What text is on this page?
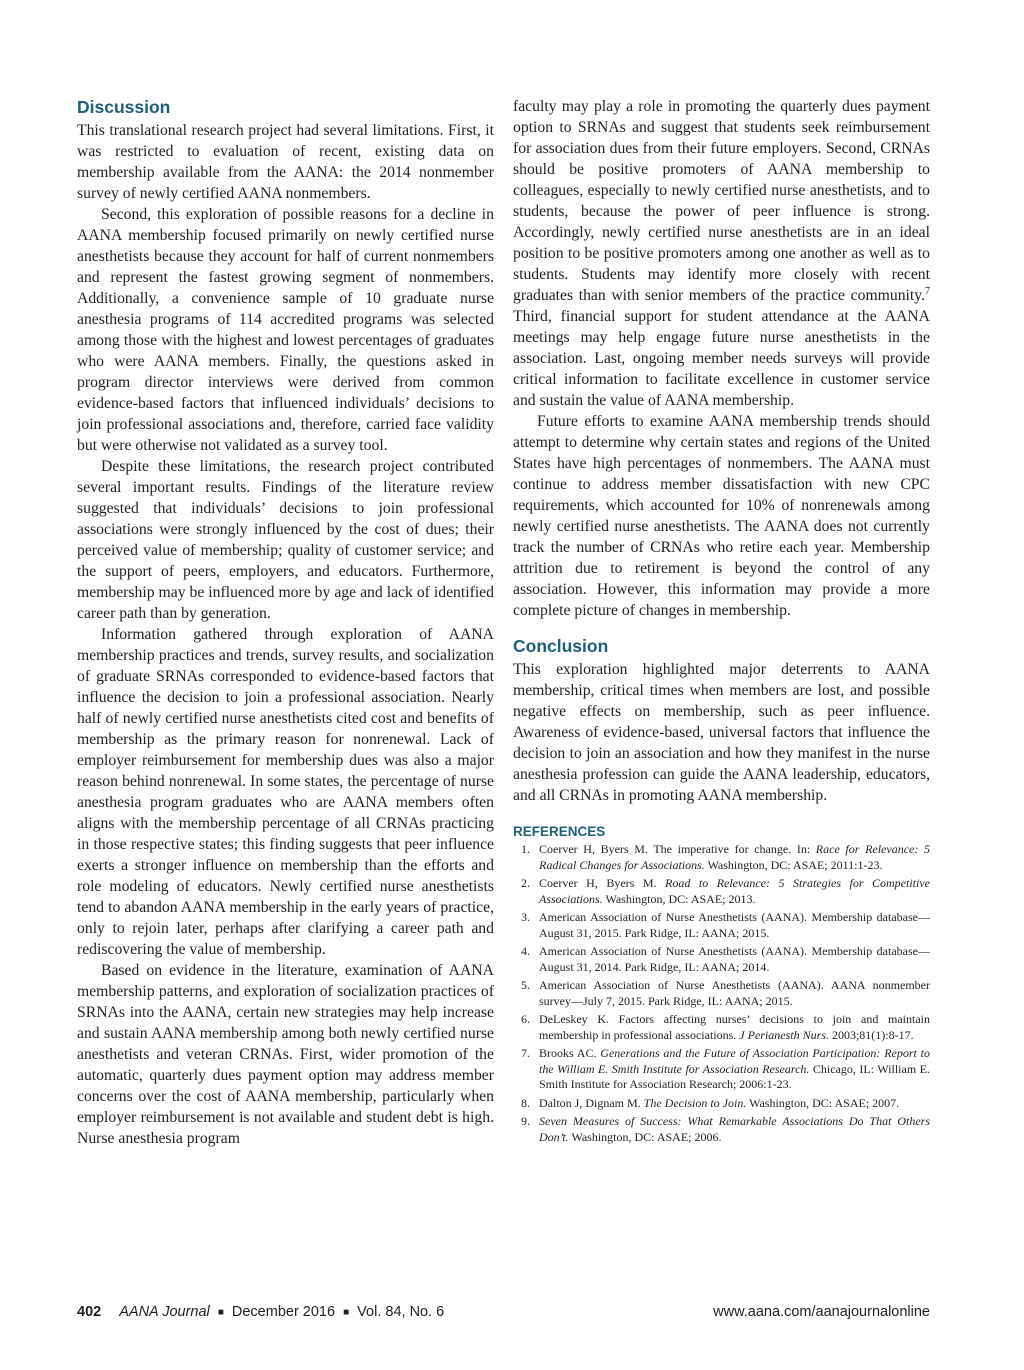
Discussion

This translational research project had several limitations. First, it was restricted to evaluation of recent, existing data on membership available from the AANA: the 2014 nonmember survey of newly certified AANA nonmembers.

Second, this exploration of possible reasons for a decline in AANA membership focused primarily on newly certified nurse anesthetists because they account for half of current nonmembers and represent the fastest growing segment of nonmembers. Additionally, a convenience sample of 10 graduate nurse anesthesia programs of 114 accredited programs was selected among those with the highest and lowest percentages of graduates who were AANA members. Finally, the questions asked in program director interviews were derived from common evidence-based factors that influenced individuals’ decisions to join professional associations and, therefore, carried face validity but were otherwise not validated as a survey tool.

Despite these limitations, the research project contributed several important results. Findings of the literature review suggested that individuals’ decisions to join professional associations were strongly influenced by the cost of dues; their perceived value of membership; quality of customer service; and the support of peers, employers, and educators. Furthermore, membership may be influenced more by age and lack of identified career path than by generation.

Information gathered through exploration of AANA membership practices and trends, survey results, and socialization of graduate SRNAs corresponded to evidence-based factors that influence the decision to join a professional association. Nearly half of newly certified nurse anesthetists cited cost and benefits of membership as the primary reason for nonrenewal. Lack of employer reimbursement for membership dues was also a major reason behind nonrenewal. In some states, the percentage of nurse anesthesia program graduates who are AANA members often aligns with the membership percentage of all CRNAs practicing in those respective states; this finding suggests that peer influence exerts a stronger influence on membership than the efforts and role modeling of educators. Newly certified nurse anesthetists tend to abandon AANA membership in the early years of practice, only to rejoin later, perhaps after clarifying a career path and rediscovering the value of membership.

Based on evidence in the literature, examination of AANA membership patterns, and exploration of socialization practices of SRNAs into the AANA, certain new strategies may help increase and sustain AANA membership among both newly certified nurse anesthetists and veteran CRNAs. First, wider promotion of the automatic, quarterly dues payment option may address member concerns over the cost of AANA membership, particularly when employer reimbursement is not available and student debt is high. Nurse anesthesia program

faculty may play a role in promoting the quarterly dues payment option to SRNAs and suggest that students seek reimbursement for association dues from their future employers. Second, CRNAs should be positive promoters of AANA membership to colleagues, especially to newly certified nurse anesthetists, and to students, because the power of peer influence is strong. Accordingly, newly certified nurse anesthetists are in an ideal position to be positive promoters among one another as well as to students. Students may identify more closely with recent graduates than with senior members of the practice community.$^7$ Third, financial support for student attendance at the AANA meetings may help engage future nurse anesthetists in the association. Last, ongoing member needs surveys will provide critical information to facilitate excellence in customer service and sustain the value of AANA membership.

Future efforts to examine AANA membership trends should attempt to determine why certain states and regions of the United States have high percentages of nonmembers. The AANA must continue to address member dissatisfaction with new CPC requirements, which accounted for 10% of nonrenewals among newly certified nurse anesthetists. The AANA does not currently track the number of CRNAs who retire each year. Membership attrition due to retirement is beyond the control of any association. However, this information may provide a more complete picture of changes in membership.

Conclusion

This exploration highlighted major deterrents to AANA membership, critical times when members are lost, and possible negative effects on membership, such as peer influence. Awareness of evidence-based, universal factors that influence the decision to join an association and how they manifest in the nurse anesthesia profession can guide the AANA leadership, educators, and all CRNAs in promoting AANA membership.

REFERENCES
1. Coerver H, Byers M. The imperative for change. In: Race for Relevance: 5 Radical Changes for Associations. Washington, DC: ASAE; 2011:1-23.
2. Coerver H, Byers M. Road to Relevance: 5 Strategies for Competitive Associations. Washington, DC: ASAE; 2013.
3. American Association of Nurse Anesthetists (AANA). Membership database—August 31, 2015. Park Ridge, IL: AANA; 2015.
4. American Association of Nurse Anesthetists (AANA). Membership database—August 31, 2014. Park Ridge, IL: AANA; 2014.
5. American Association of Nurse Anesthetists (AANA). AANA nonmember survey—July 7, 2015. Park Ridge, IL: AANA; 2015.
6. DeLeskey K. Factors affecting nurses’ decisions to join and maintain membership in professional associations. J Perianesth Nurs. 2003;81(1):8-17.
7. Brooks AC. Generations and the Future of Association Participation: Report to the William E. Smith Institute for Association Research. Chicago, IL: William E. Smith Institute for Association Research; 2006:1-23.
8. Dalton J, Dignam M. The Decision to Join. Washington, DC: ASAE; 2007.
9. Seven Measures of Success: What Remarkable Associations Do That Others Don’t. Washington, DC: ASAE; 2006.
402 AANA Journal ■ December 2016 ■ Vol. 84, No. 6	www.aana.com/aanajournalonline
